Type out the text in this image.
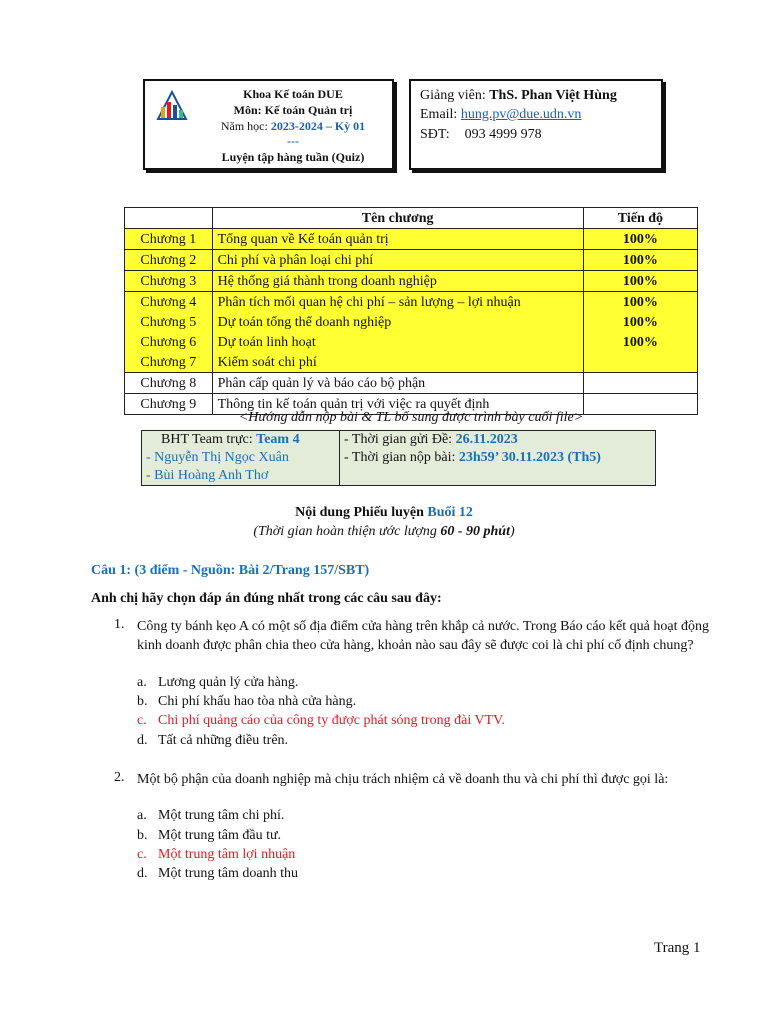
Khoa Kế toán DUE
Môn: Kế toán Quản trị
Năm học: 2023-2024 – Kỳ 01
---
Luyện tập hàng tuần (Quiz)
Giảng viên: ThS. Phan Việt Hùng
Email: hung.pv@due.udn.vn
SĐT: 093 4999 978
	Tên chương	Tiến độ
Chương 1	Tổng quan về Kế toán quản trị	100%
Chương 2	Chi phí và phân loại chi phí	100%
Chương 3	Hệ thống giá thành trong doanh nghiệp	100%
Chương 4	Phân tích mối quan hệ chi phí – sản lượng – lợi nhuận	100%
Chương 5	Dự toán tổng thể doanh nghiệp	100%
Chương 6	Dự toán linh hoạt	100%
Chương 7	Kiểm soát chi phí	
Chương 8	Phân cấp quản lý và báo cáo bộ phận	
Chương 9	Thông tin kế toán quản trị với việc ra quyết định	
<Hướng dẫn nộp bài & TL bổ sung được trình bày cuối file>
BHT Team trực: Team 4
- Nguyễn Thị Ngọc Xuân
- Bùi Hoàng Anh Thơ

- Thời gian gửi Đề: 26.11.2023
- Thời gian nộp bài: 23h59’ 30.11.2023 (Th5)
Nội dung Phiếu luyện Buổi 12
(Thời gian hoàn thiện ước lượng 60 - 90 phút)
Câu 1: (3 điểm - Nguồn: Bài 2/Trang 157/SBT)
Anh chị hãy chọn đáp án đúng nhất trong các câu sau đây:
1. Công ty bánh kẹo A có một số địa điểm cửa hàng trên khắp cả nước. Trong Báo cáo kết quả hoạt động kinh doanh được phân chia theo cửa hàng, khoản nào sau đây sẽ được coi là chi phí cố định chung?
a. Lương quản lý cửa hàng.
b. Chi phí khấu hao tòa nhà cửa hàng.
c. Chi phí quảng cáo của công ty được phát sóng trong đài VTV.
d. Tất cả những điều trên.
2. Một bộ phận của doanh nghiệp mà chịu trách nhiệm cả về doanh thu và chi phí thì được gọi là:
a. Một trung tâm chi phí.
b. Một trung tâm đầu tư.
c. Một trung tâm lợi nhuận
d. Một trung tâm doanh thu
Trang 1
